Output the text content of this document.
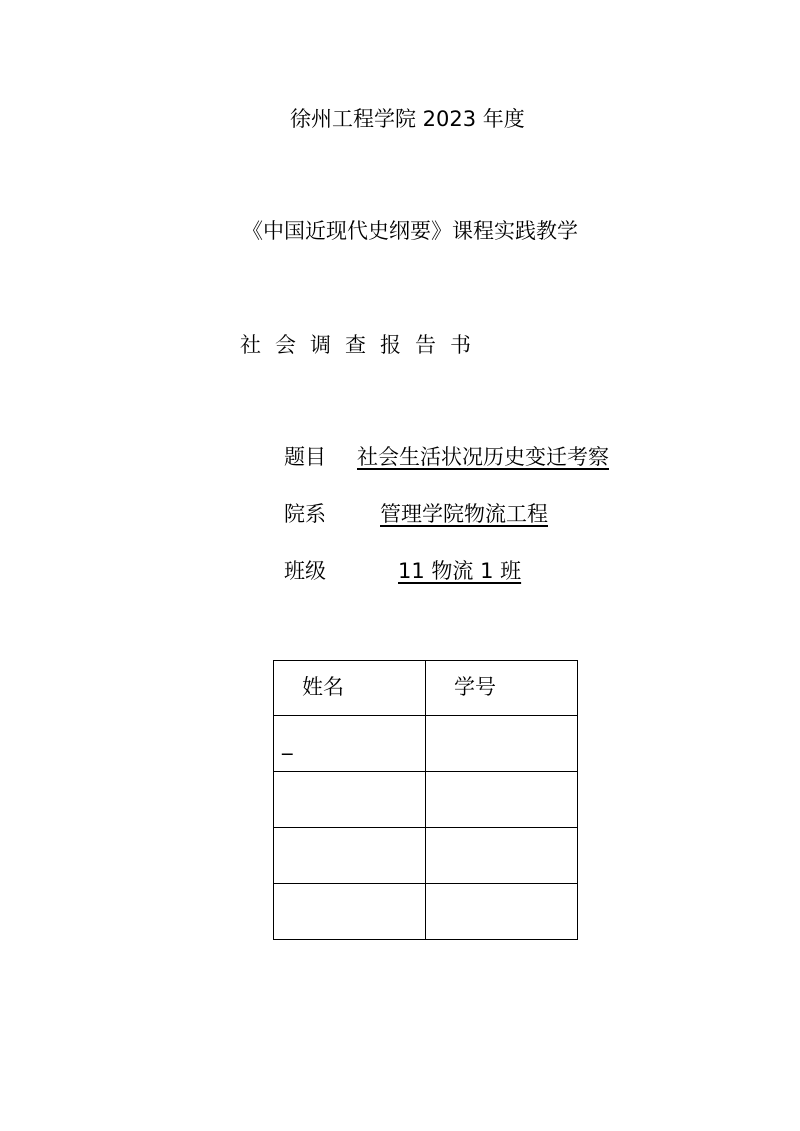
徐州工程学院 2023 年度
《中国近现代史纲要》课程实践教学
社会调查报告书
题目 社会生活状况历史变迁考察
院系	管理学院物流工程
班级	11 物流 1 班
姓名	学号

_	
